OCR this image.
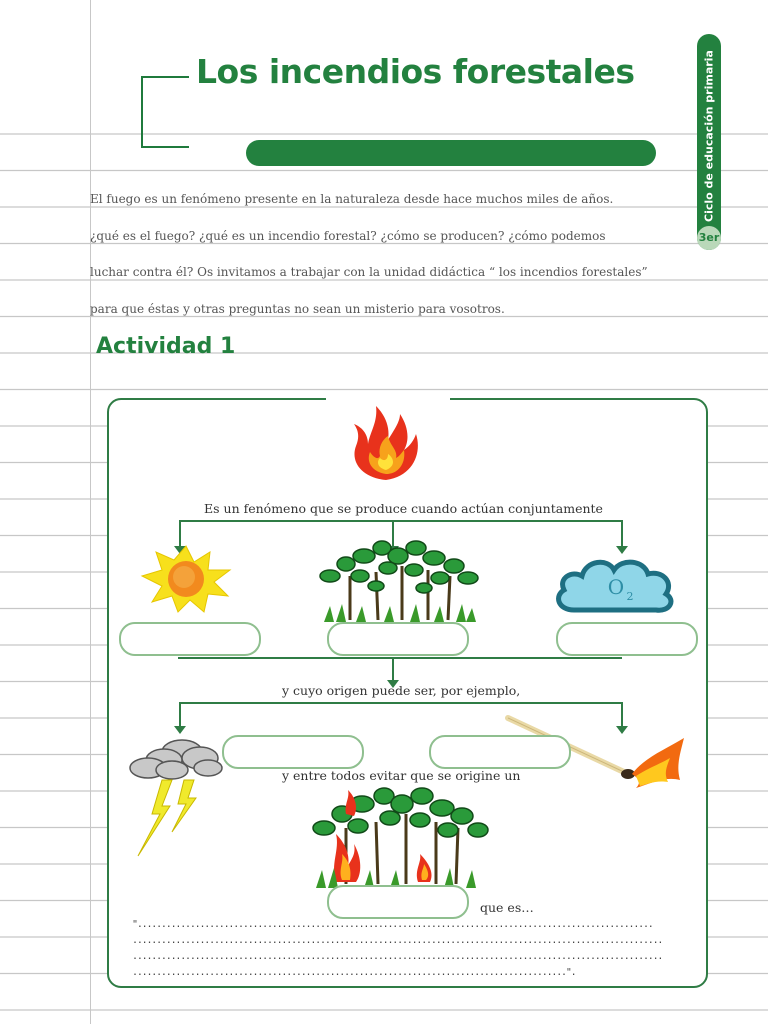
Los incendios forestales	Ciclo de educación primaria
3er
El fuego es un fenómeno presente en la naturaleza desde hace muchos miles de años.
¿qué es el fuego? ¿qué es un incendio forestal? ¿cómo se producen? ¿cómo podemos
luchar contra él? Os invitamos a trabajar con la unidad didáctica “ los incendios forestales”
para que éstas y otras preguntas no sean un misterio para vosotros.
Actividad 1
Es un fenómeno que se produce cuando actúan conjuntamente
O 2
y cuyo origen puede ser, por ejemplo,
y entre todos evitar que se origine un
que es…
"...........................................................................................................
..............................................................................................................
..............................................................................................................
..........................................................................................".
